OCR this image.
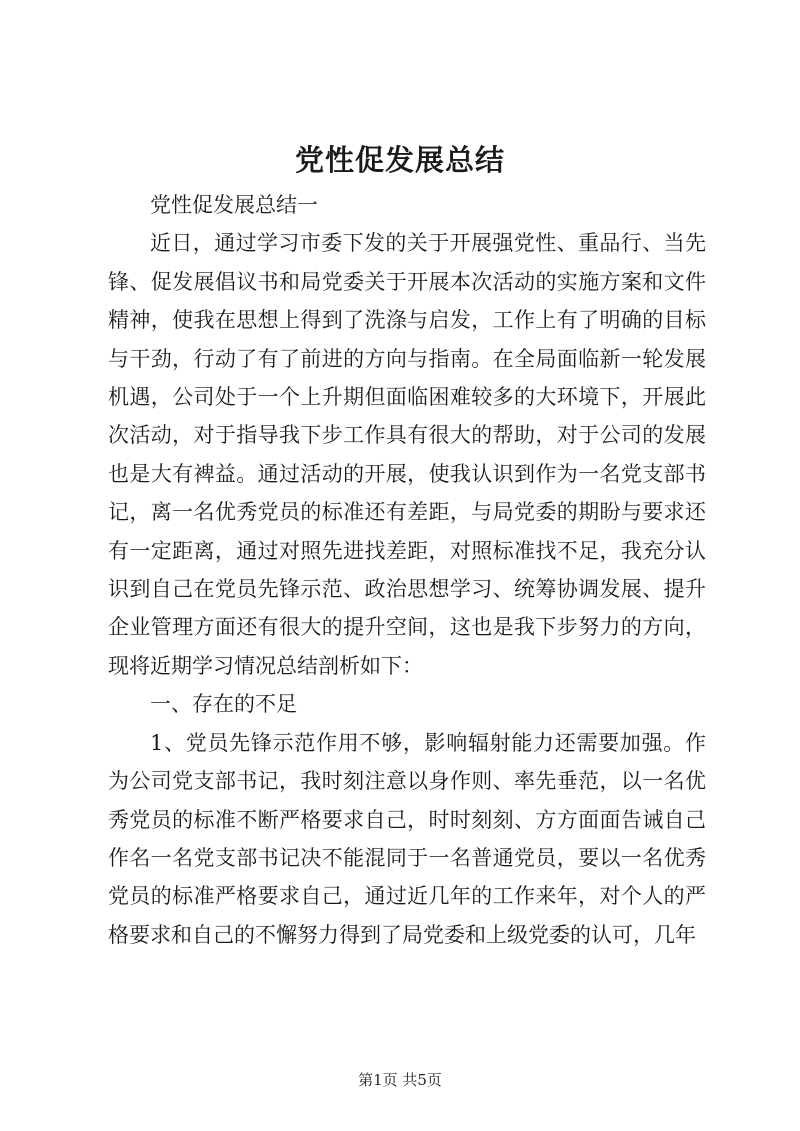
党性促发展总结

党性促发展总结一

近日，通过学习市委下发的关于开展强党性、重品行、当先锋、促发展倡议书和局党委关于开展本次活动的实施方案和文件精神，使我在思想上得到了洗涤与启发，工作上有了明确的目标与干劲，行动了有了前进的方向与指南。在全局面临新一轮发展机遇，公司处于一个上升期但面临困难较多的大环境下，开展此次活动，对于指导我下步工作具有很大的帮助，对于公司的发展也是大有裨益。通过活动的开展，使我认识到作为一名党支部书记，离一名优秀党员的标准还有差距，与局党委的期盼与要求还有一定距离，通过对照先进找差距，对照标准找不足，我充分认识到自己在党员先锋示范、政治思想学习、统筹协调发展、提升企业管理方面还有很大的提升空间，这也是我下步努力的方向，现将近期学习情况总结剖析如下：

一、存在的不足

1、党员先锋示范作用不够，影响辐射能力还需要加强。作为公司党支部书记，我时刻注意以身作则、率先垂范，以一名优秀党员的标准不断严格要求自己，时时刻刻、方方面面告诫自己作名一名党支部书记决不能混同于一名普通党员，要以一名优秀党员的标准严格要求自己，通过近几年的工作来年，对个人的严格要求和自己的不懈努力得到了局党委和上级党委的认可，几年

第1页 共5页
